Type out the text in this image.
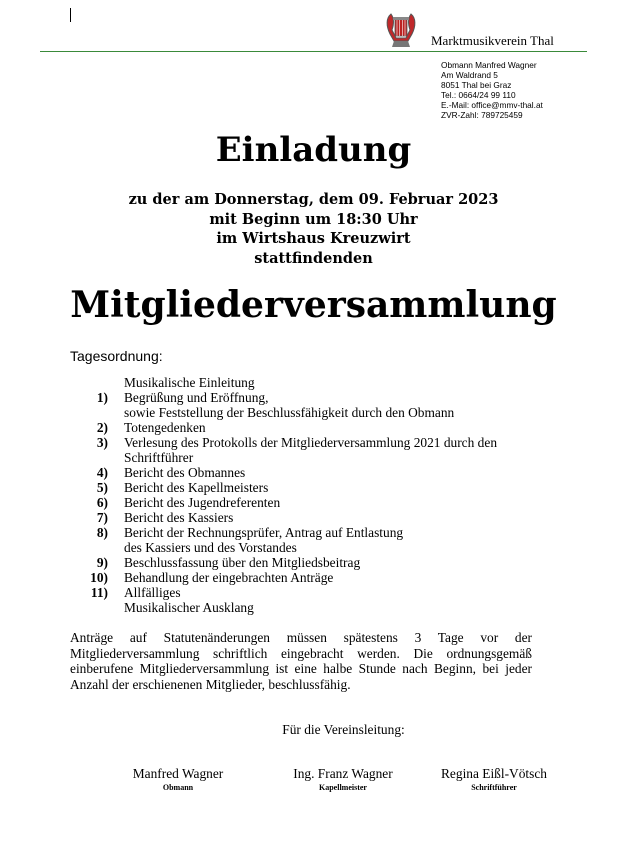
Marktmusikverein Thal
Obmann Manfred Wagner
Am Waldrand 5
8051 Thal bei Graz
Tel.: 0664/24 99 110
E.-Mail: office@mmv-thal.at
ZVR-Zahl: 789725459
Einladung
zu der am Donnerstag, dem 09. Februar 2023
mit Beginn um 18:30 Uhr
im Wirtshaus Kreuzwirt
stattfindenden
Mitgliederversammlung
Tagesordnung:
Musikalische Einleitung
1) Begrüßung und Eröffnung,
sowie Feststellung der Beschlussfähigkeit durch den Obmann
2) Totengedenken
3) Verlesung des Protokolls der Mitgliederversammlung 2021 durch den
Schriftführer
4) Bericht des Obmannes
5) Bericht des Kapellmeisters
6) Bericht des Jugendreferenten
7) Bericht des Kassiers
8) Bericht der Rechnungsprüfer, Antrag auf Entlastung
des Kassiers und des Vorstandes
9) Beschlussfassung über den Mitgliedsbeitrag
10) Behandlung der eingebrachten Anträge
11) Allfälliges
Musikalischer Ausklang
Anträge auf Statutenänderungen müssen spätestens 3 Tage vor der Mitgliederversammlung schriftlich eingebracht werden. Die ordnungsgemäß einberufene Mitgliederversammlung ist eine halbe Stunde nach Beginn, bei jeder Anzahl der erschienenen Mitglieder, beschlussfähig.
Für die Vereinsleitung:
Manfred Wagner
Obmann
Ing. Franz Wagner
Kapellmeister
Regina Eißl-Vötsch
Schriftführer
